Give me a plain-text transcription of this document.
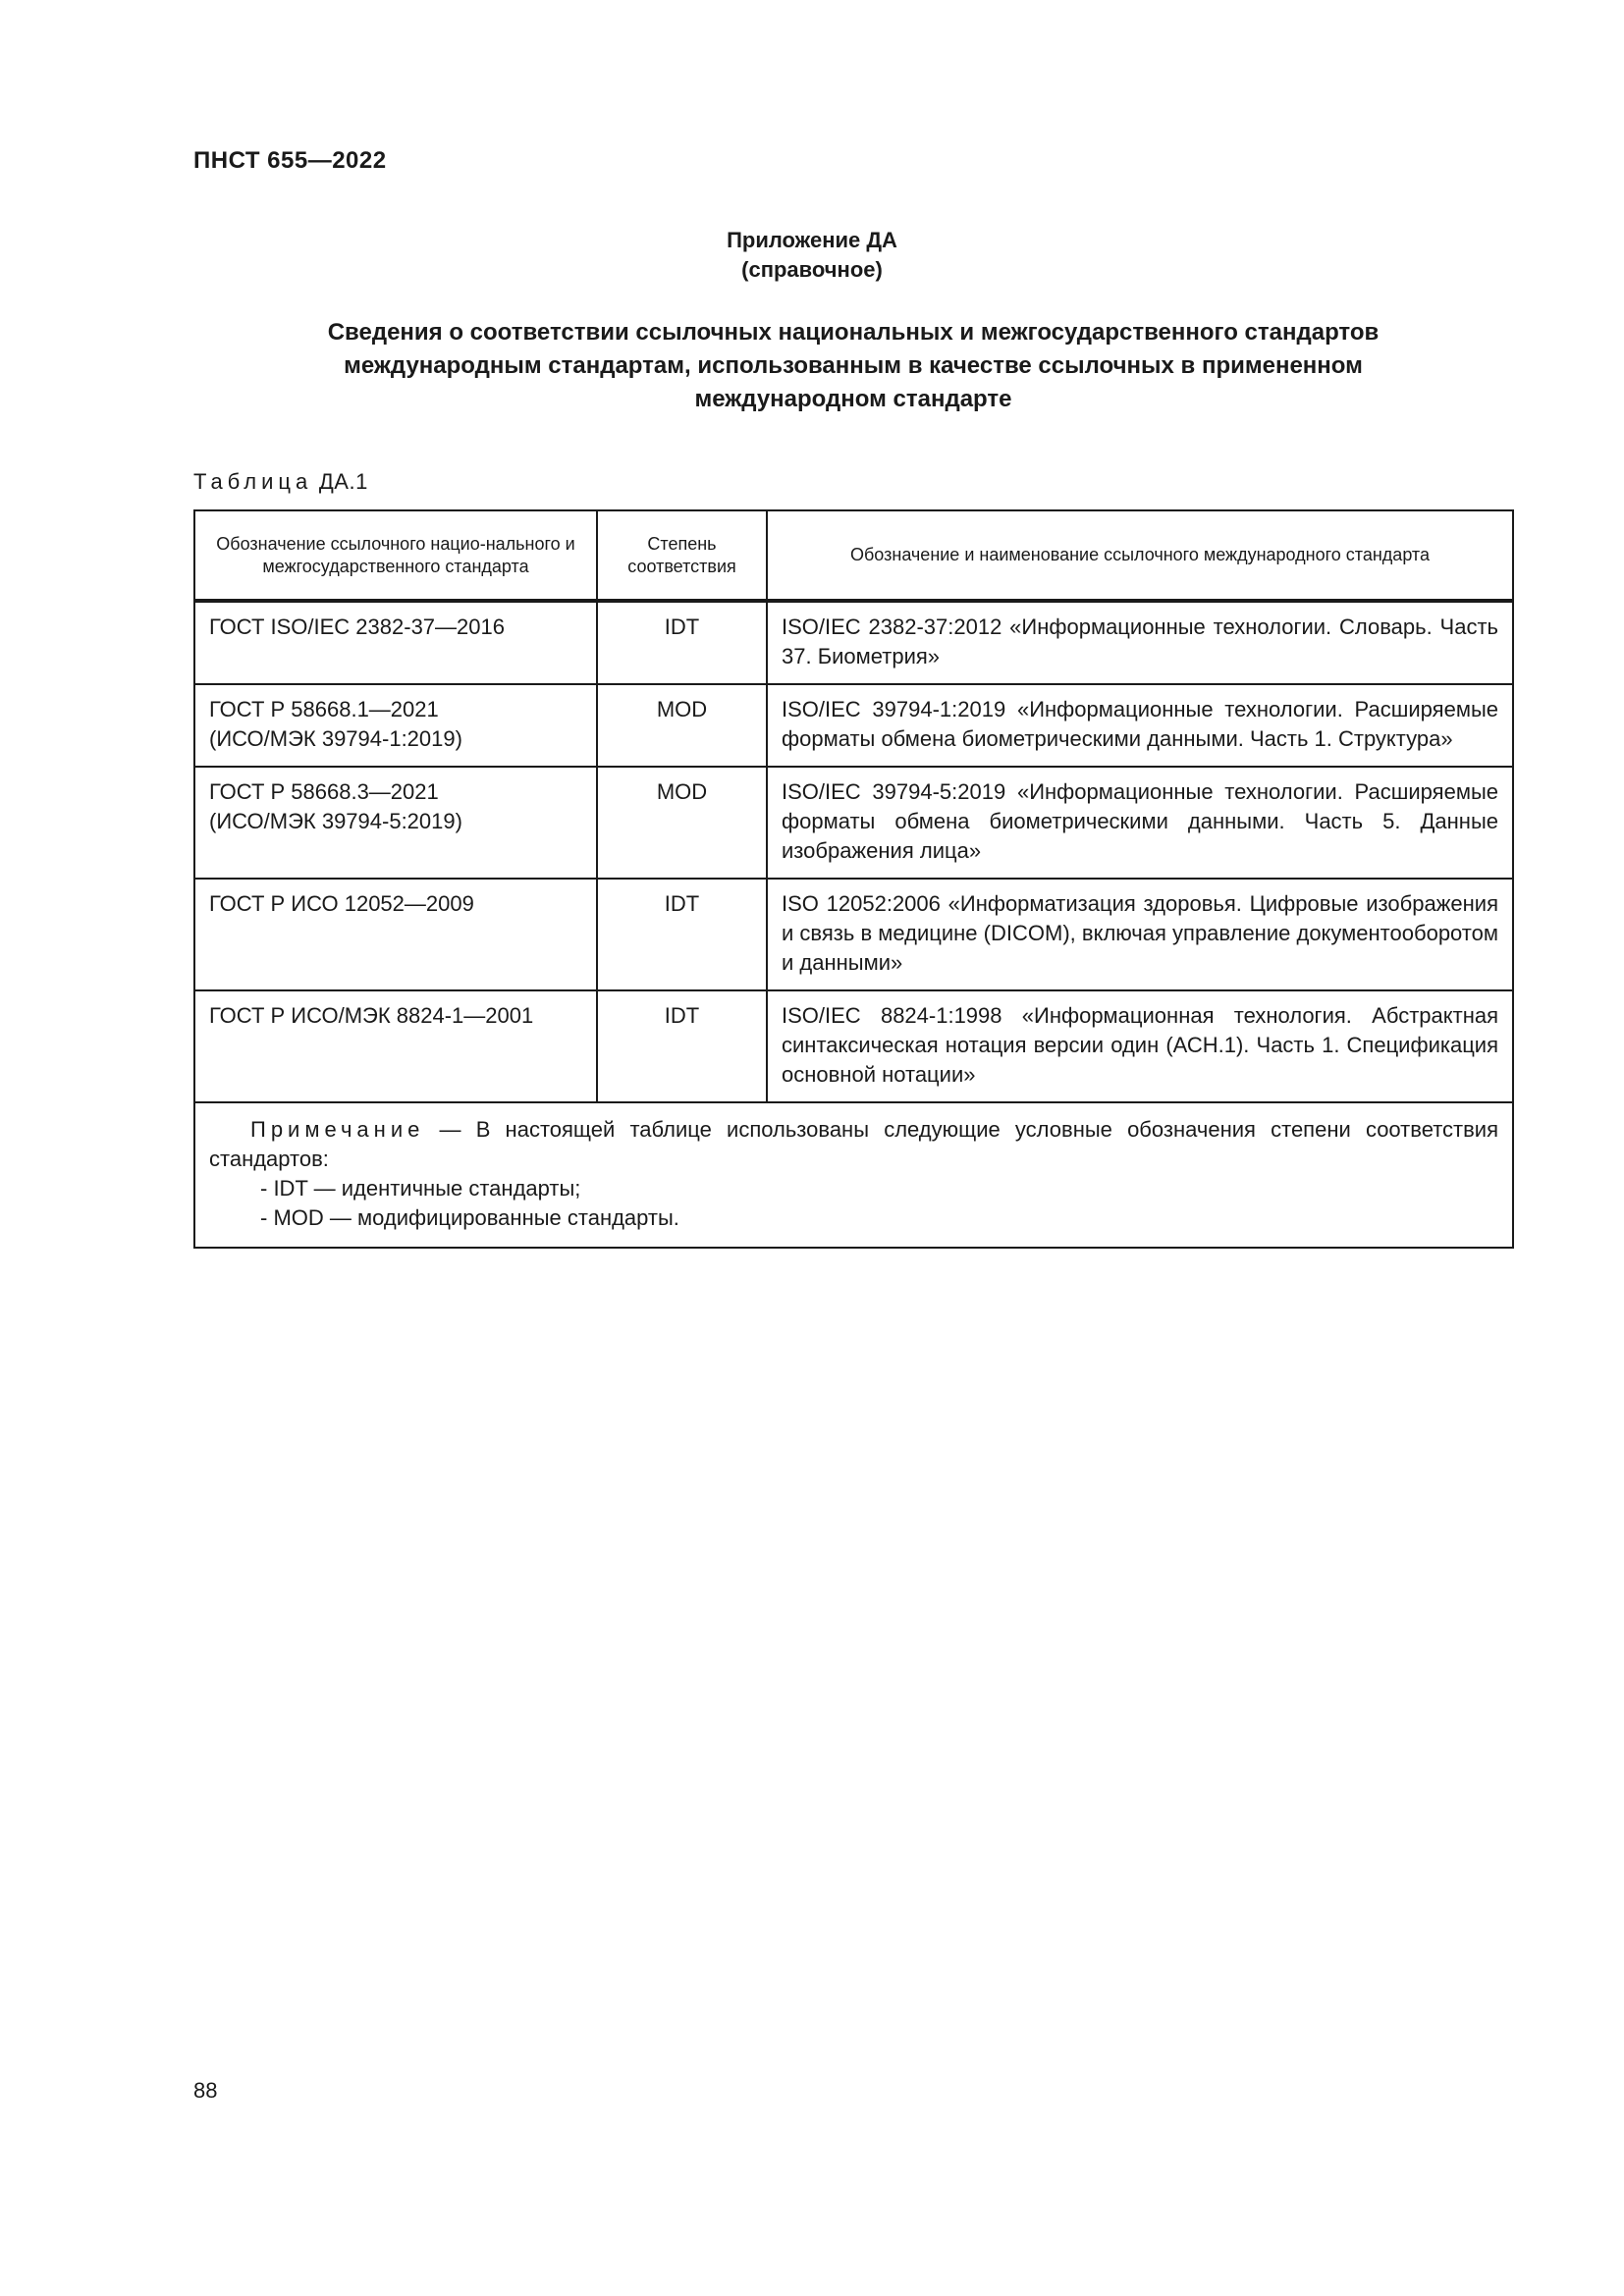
ПНСТ 655—2022
Приложение ДА
(справочное)
Сведения о соответствии ссылочных национальных и межгосударственного стандартов
международным стандартам, использованным в качестве ссылочных в примененном
международном стандарте
Таблица ДА.1
Обозначение ссылочного нацио-нального и межгосударственного стандарта	Степень соответствия	Обозначение и наименование ссылочного международного стандарта

ГОСТ ISO/IEC 2382-37—2016	IDT	ISO/IEC 2382-37:2012 «Информационные технологии. Словарь. Часть 37. Биометрия»

ГОСТ Р 58668.1—2021
(ИСО/МЭК 39794-1:2019)	MOD	ISO/IEC 39794-1:2019 «Информационные технологии. Расширяемые форматы обмена биометрическими данными. Часть 1. Структура»

ГОСТ Р 58668.3—2021
(ИСО/МЭК 39794-5:2019)	MOD	ISO/IEC 39794-5:2019 «Информационные технологии. Расширяемые форматы обмена биометрическими данными. Часть 5. Данные изображения лица»

ГОСТ Р ИСО 12052—2009	IDT	ISO 12052:2006 «Информатизация здоровья. Цифровые изображения и связь в медицине (DICOM), включая управление документооборотом и данными»

ГОСТ Р ИСО/МЭК 8824-1—2001	IDT	ISO/IEC 8824-1:1998 «Информационная технология. Абстрактная синтаксическая нотация версии один (АСН.1). Часть 1. Спецификация основной нотации»

Примечание — В настоящей таблице использованы следующие условные обозначения степени соответствия стандартов:

- IDT — идентичные стандарты;

- MOD — модифицированные стандарты.		

88
